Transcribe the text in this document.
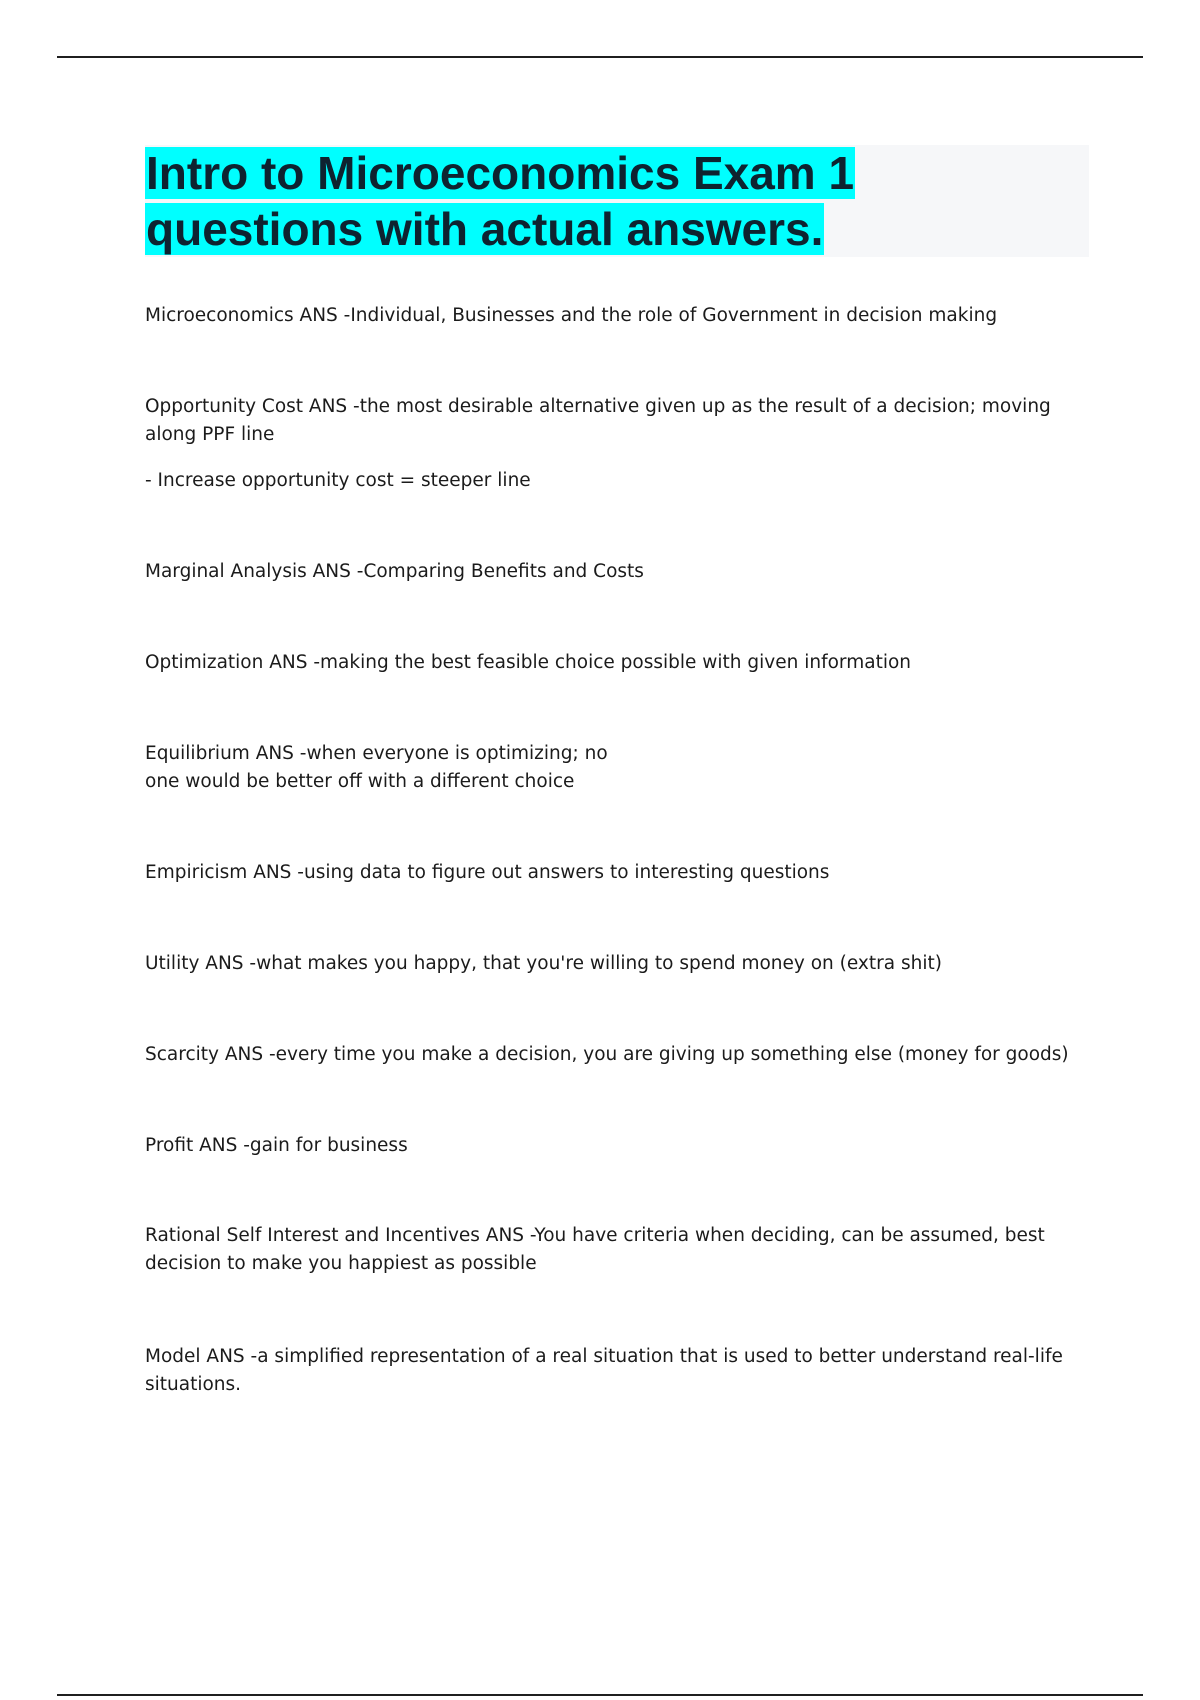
Intro to Microeconomics Exam 1
questions with actual answers.

Microeconomics ANS -Individual, Businesses and the role of Government in decision making

Opportunity Cost ANS -the most desirable alternative given up as the result of a decision; moving along PPF line

- Increase opportunity cost = steeper line

Marginal Analysis ANS -Comparing Benefits and Costs

Optimization ANS -making the best feasible choice possible with given information

Equilibrium ANS -when everyone is optimizing; no

one would be better off with a different choice

Empiricism ANS -using data to figure out answers to interesting questions

Utility ANS -what makes you happy, that you're willing to spend money on (extra shit)

Scarcity ANS -every time you make a decision, you are giving up something else (money for goods)

Profit ANS -gain for business

Rational Self Interest and Incentives ANS -You have criteria when deciding, can be assumed, best decision to make you happiest as possible

Model ANS -a simplified representation of a real situation that is used to better understand real-life situations.
